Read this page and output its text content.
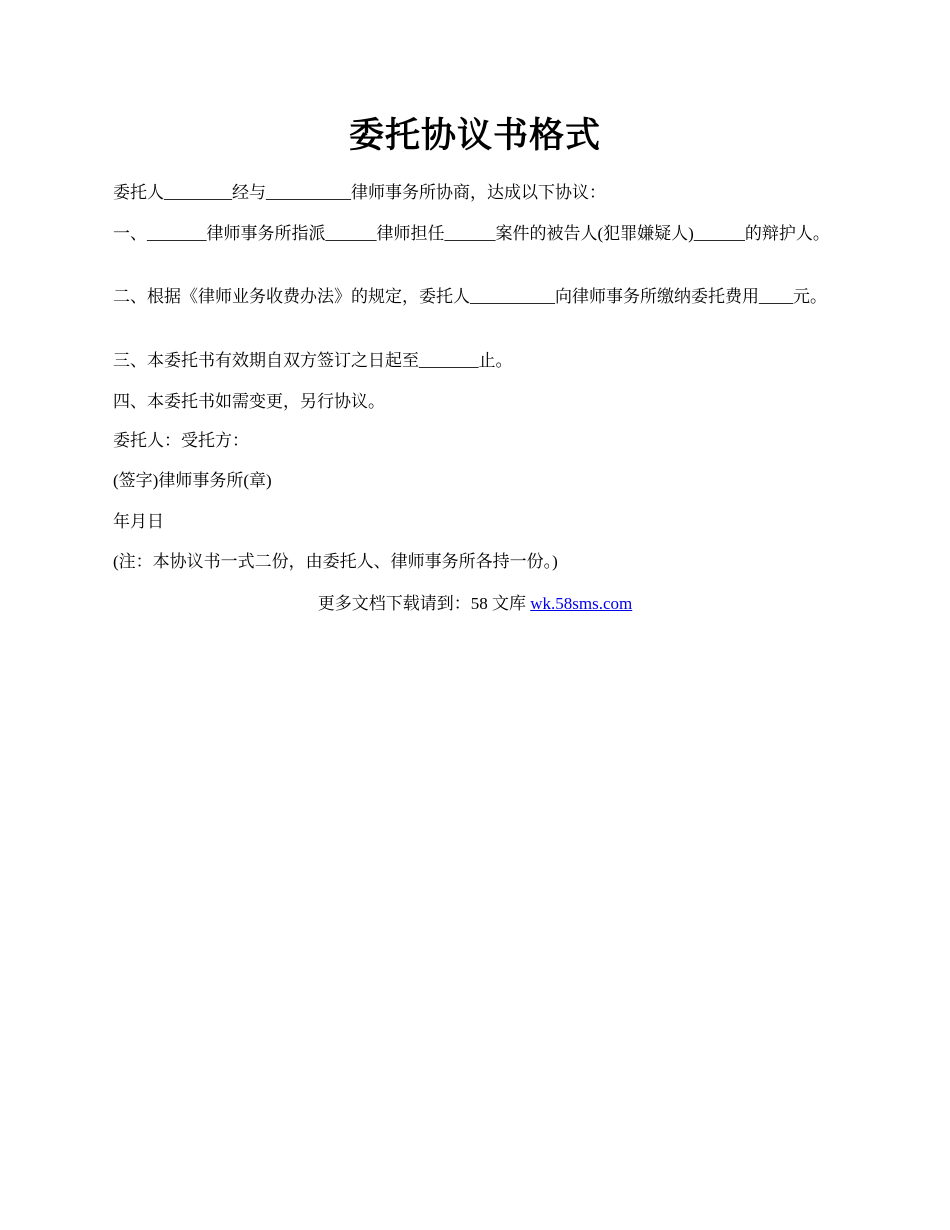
委托协议书格式

委托人________经与__________律师事务所协商，达成以下协议：

一、_______律师事务所指派______律师担任______案件的被告人(犯罪嫌疑人)______的辩护人。

二、根据《律师业务收费办法》的规定，委托人__________向律师事务所缴纳委托费用____元。

三、本委托书有效期自双方签订之日起至_______止。

四、本委托书如需变更，另行协议。

委托人：受托方：

(签字)律师事务所(章)

年月日

(注：本协议书一式二份，由委托人、律师事务所各持一份。)

更多文档下载请到：58 文库 wk.58sms.com
